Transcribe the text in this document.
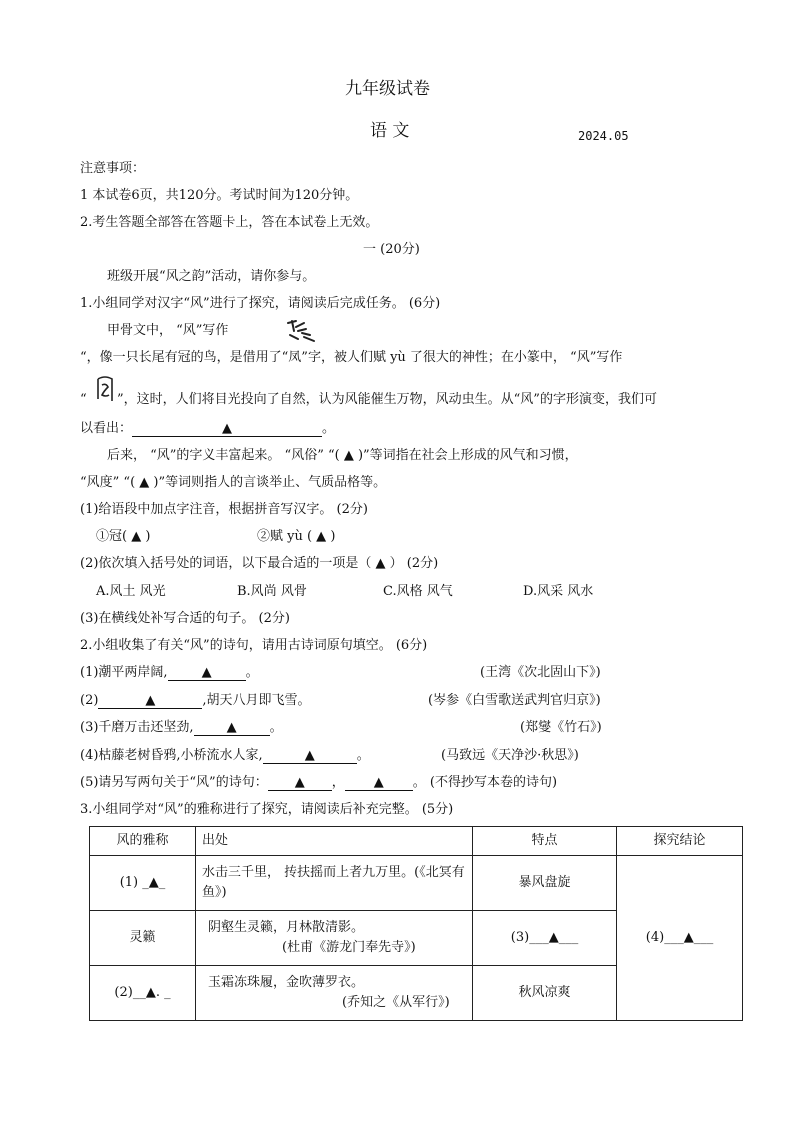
九年级试卷
语 文	2024.05
注意事项：
1 本试卷6页，共120分。考试时间为120分钟。
2.考生答题全部答在答题卡上，答在本试卷上无效。
一 (20分)
班级开展“风之韵”活动，请你参与。
1.小组同学对汉字“风”进行了探究，请阅读后完成任务。 (6分)
甲骨文中， “风”写作
“，像一只长尾有冠的鸟，是借用了“凤”字，被人们赋 yù 了很大的神性；在小篆中， “风”写作
“ ”，这时，人们将目光投向了自然，认为风能催生万物，风动虫生。从“风”的字形演变，我们可
以看出：	▲	。
后来， “风”的字义丰富起来。 “风俗” “( ▲ )”等词指在社会上形成的风气和习惯，
“风度” “( ▲ )”等词则指人的言谈举止、气质品格等。
(1)给语段中加点字注音，根据拼音写汉字。 (2分)
①冠( ▲ )	②赋 yù ( ▲ )
(2)依次填入括号处的词语，以下最合适的一项是（ ▲ ） (2分)
A.风土 风光	B.风尚 风骨	C.风格 风气	D.风采 风水
(3)在横线处补写合适的句子。 (2分)
2.小组收集了有关“风”的诗句，请用古诗词原句填空。 (6分)
(1)潮平两岸阔,	▲	。	(王湾《次北固山下》)
(2)	▲	,胡天八月即飞雪。	(岑参《白雪歌送武判官归京》)
(3)千磨万击还坚劲,	▲	。	(郑燮《竹石》)
(4)枯藤老树昏鸦,小桥流水人家,	▲	。	(马致远《天净沙·秋思》)
(5)请另写两句关于“风”的诗句： ▲ ， ▲ 。 (不得抄写本卷的诗句)
3.小组同学对“风”的雅称进行了探究，请阅读后补充完整。 (5分)
风的雅称	出处	特点	探究结论
(1) _▲_	水击三千里， 抟扶摇而上者九万里。(《北冥有鱼》)	暴风盘旋	(4)___▲___
灵籁	阴壑生灵籁，月林散清影。
(杜甫《游龙门奉先寺》)	(3)___▲___	
(2)__▲. _	玉霜冻珠履，金吹薄罗衣。
(乔知之《从军行》)	秋风凉爽	
